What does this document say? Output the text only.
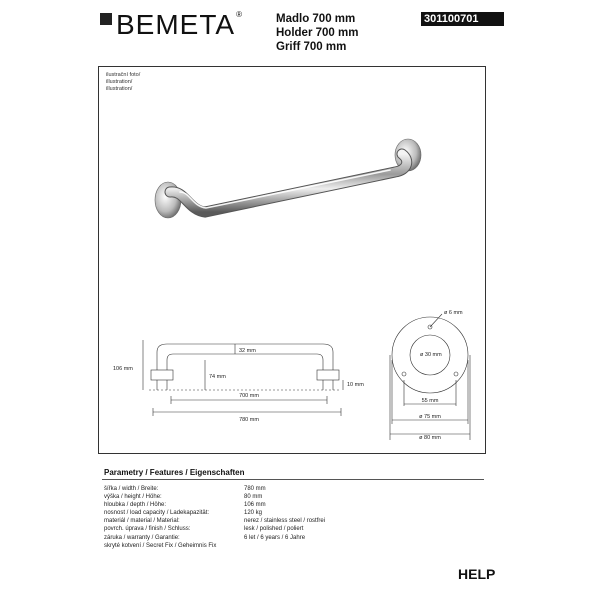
BEMETA ®	Madlo 700 mm
Holder 700 mm
Griff 700 mm
301100701
ilustrační foto/
illustration/
illustration/
106 mm
32 mm
74 mm
10 mm
700 mm
780 mm
ø 6 mm
ø 30 mm
55 mm
ø 75 mm
ø 80 mm
Parametry / Features / Eigenschaften
šířka / width / Breite:	780 mm
výška / height / Höhe:	80 mm
hloubka / depth / Höhe:	106 mm
nosnost / load capacity / Ladekapazität:	120 kg
materiál / material / Material:	nerez / stainless steel / rostfrei
povrch. úprava / finish / Schluss:	lesk / polished / poliert
záruka / warranty / Garantie:	6 let / 6 years / 6 Jahre
skryté kotvení / Secret Fix / Geheimnis Fix
HELP
